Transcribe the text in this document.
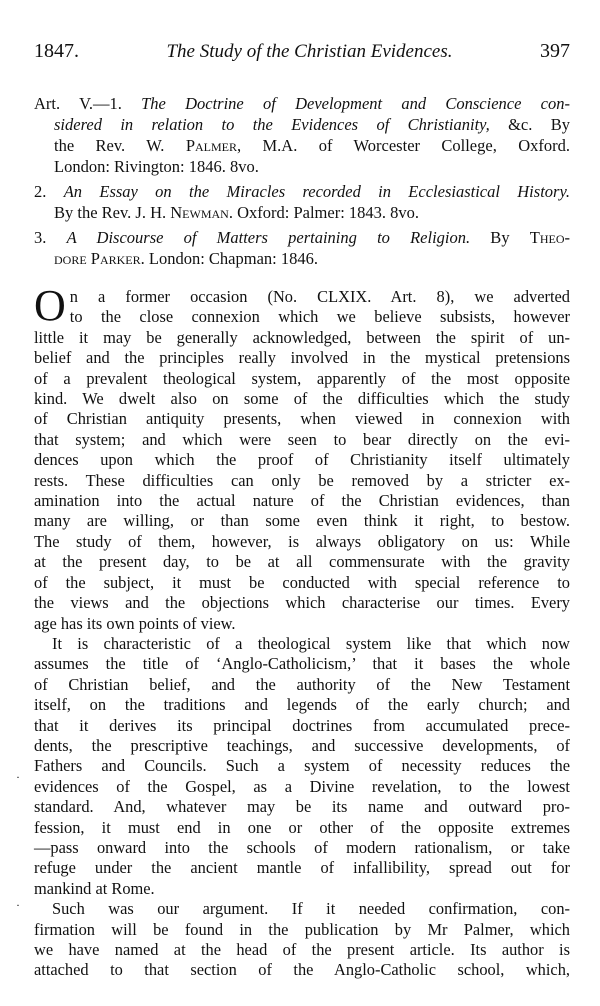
1847.	The Study of the Christian Evidences.	397
Art. V.—1. The Doctrine of Development and Conscience con-
sidered in relation to the Evidences of Christianity, &c. By
the Rev. W. Palmer, M.A. of Worcester College, Oxford.
London: Rivington: 1846. 8vo.
2. An Essay on the Miracles recorded in Ecclesiastical History.
By the Rev. J. H. Newman. Oxford: Palmer: 1843. 8vo.
3. A Discourse of Matters pertaining to Religion. By Theo-
dore Parker. London: Chapman: 1846.
O n a former occasion (No. CLXIX. Art. 8), we adverted
to the close connexion which we believe subsists, however
little it may be generally acknowledged, between the spirit of un-
belief and the principles really involved in the mystical pretensions
of a prevalent theological system, apparently of the most opposite
kind. We dwelt also on some of the difficulties which the study
of Christian antiquity presents, when viewed in connexion with
that system; and which were seen to bear directly on the evi-
dences upon which the proof of Christianity itself ultimately
rests. These difficulties can only be removed by a stricter ex-
amination into the actual nature of the Christian evidences, than
many are willing, or than some even think it right, to bestow.
The study of them, however, is always obligatory on us: While
at the present day, to be at all commensurate with the gravity
of the subject, it must be conducted with special reference to
the views and the objections which characterise our times. Every
age has its own points of view.
It is characteristic of a theological system like that which now
assumes the title of ‘Anglo-Catholicism,’ that it bases the whole
of Christian belief, and the authority of the New Testament
itself, on the traditions and legends of the early church; and
that it derives its principal doctrines from accumulated prece-
dents, the prescriptive teachings, and successive developments, of
Fathers and Councils. Such a system of necessity reduces the
evidences of the Gospel, as a Divine revelation, to the lowest
standard. And, whatever may be its name and outward pro-
fession, it must end in one or other of the opposite extremes
—pass onward into the schools of modern rationalism, or take
refuge under the ancient mantle of infallibility, spread out for
mankind at Rome.
Such was our argument. If it needed confirmation, con-
firmation will be found in the publication by Mr Palmer, which
we have named at the head of the present article. Its author is
attached to that section of the Anglo-Catholic school, which,
·
·
